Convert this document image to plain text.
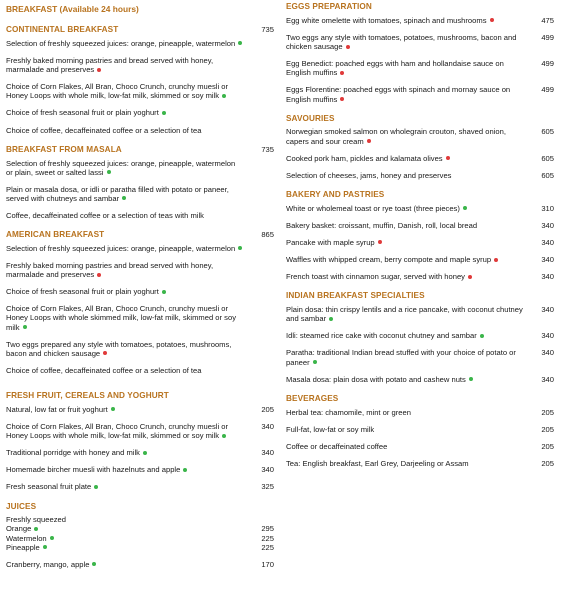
BREAKFAST (Available 24 hours)
CONTINENTAL BREAKFAST	735
Selection of freshly squeezed juices: orange, pineapple, watermelon
Freshly baked morning pastries and bread served with honey, marmalade and preserves
Choice of Corn Flakes, All Bran, Choco Crunch, crunchy muesli or Honey Loops with whole milk, low-fat milk, skimmed or soy milk
Choice of fresh seasonal fruit or plain yoghurt
Choice of coffee, decaffeinated coffee or a selection of tea
BREAKFAST FROM MASALA	735
Selection of freshly squeezed juices: orange, pineapple, watermelon or plain, sweet or salted lassi
Plain or masala dosa, or idli or paratha filled with potato or paneer, served with chutneys and sambar
Coffee, decaffeinated coffee or a selection of teas with milk
AMERICAN BREAKFAST	865
Selection of freshly squeezed juices: orange, pineapple, watermelon
Freshly baked morning pastries and bread served with honey, marmalade and preserves
Choice of fresh seasonal fruit or plain yoghurt
Choice of Corn Flakes, All Bran, Choco Crunch, crunchy muesli or Honey Loops with whole skimmed milk, low-fat milk, skimmed or soy milk
Two eggs prepared any style with tomatoes, potatoes, mushrooms, bacon and chicken sausage
Choice of coffee, decaffeinated coffee or a selection of tea
FRESH FRUIT, CEREALS AND YOGHURT
Natural, low fat or fruit yoghurt	205
Choice of Corn Flakes, All Bran, Choco Crunch, crunchy muesli or Honey Loops with whole milk, low-fat milk, skimmed or soy milk
340
Traditional porridge with honey and milk	340
Homemade bircher muesli with hazelnuts and apple	340
Fresh seasonal fruit plate	325
JUICES
Freshly squeezed
Orange	295
Watermelon	225
Pineapple	225
Cranberry, mango, apple	170
EGGS PREPARATION
Egg white omelette with tomatoes, spinach and mushrooms	475
Two eggs any style with tomatoes, potatoes, mushrooms, bacon and chicken sausage
499
Egg Benedict: poached eggs with ham and hollandaise sauce on English muffins
499
Eggs Florentine: poached eggs with spinach and mornay sauce on English muffins
499
SAVOURIES
Norwegian smoked salmon on wholegrain crouton, shaved onion, capers and sour cream
605
Cooked pork ham, pickles and kalamata olives	605
Selection of cheeses, jams, honey and preserves	605
BAKERY AND PASTRIES
White or wholemeal toast or rye toast (three pieces)	310
Bakery basket: croissant, muffin, Danish, roll, local bread	340
Pancake with maple syrup	340
Waffles with whipped cream, berry compote and maple syrup	340
French toast with cinnamon sugar, served with honey	340
INDIAN BREAKFAST SPECIALTIES
Plain dosa: thin crispy lentils and a rice pancake, with coconut chutney and sambar
340
Idli: steamed rice cake with coconut chutney and sambar	340
Paratha: traditional Indian bread stuffed with your choice of potato or paneer
340
Masala dosa: plain dosa with potato and cashew nuts	340
BEVERAGES
Herbal tea: chamomile, mint or green	205
Full-fat, low-fat or soy milk	205
Coffee or decaffeinated coffee	205
Tea: English breakfast, Earl Grey, Darjeeling or Assam	205
